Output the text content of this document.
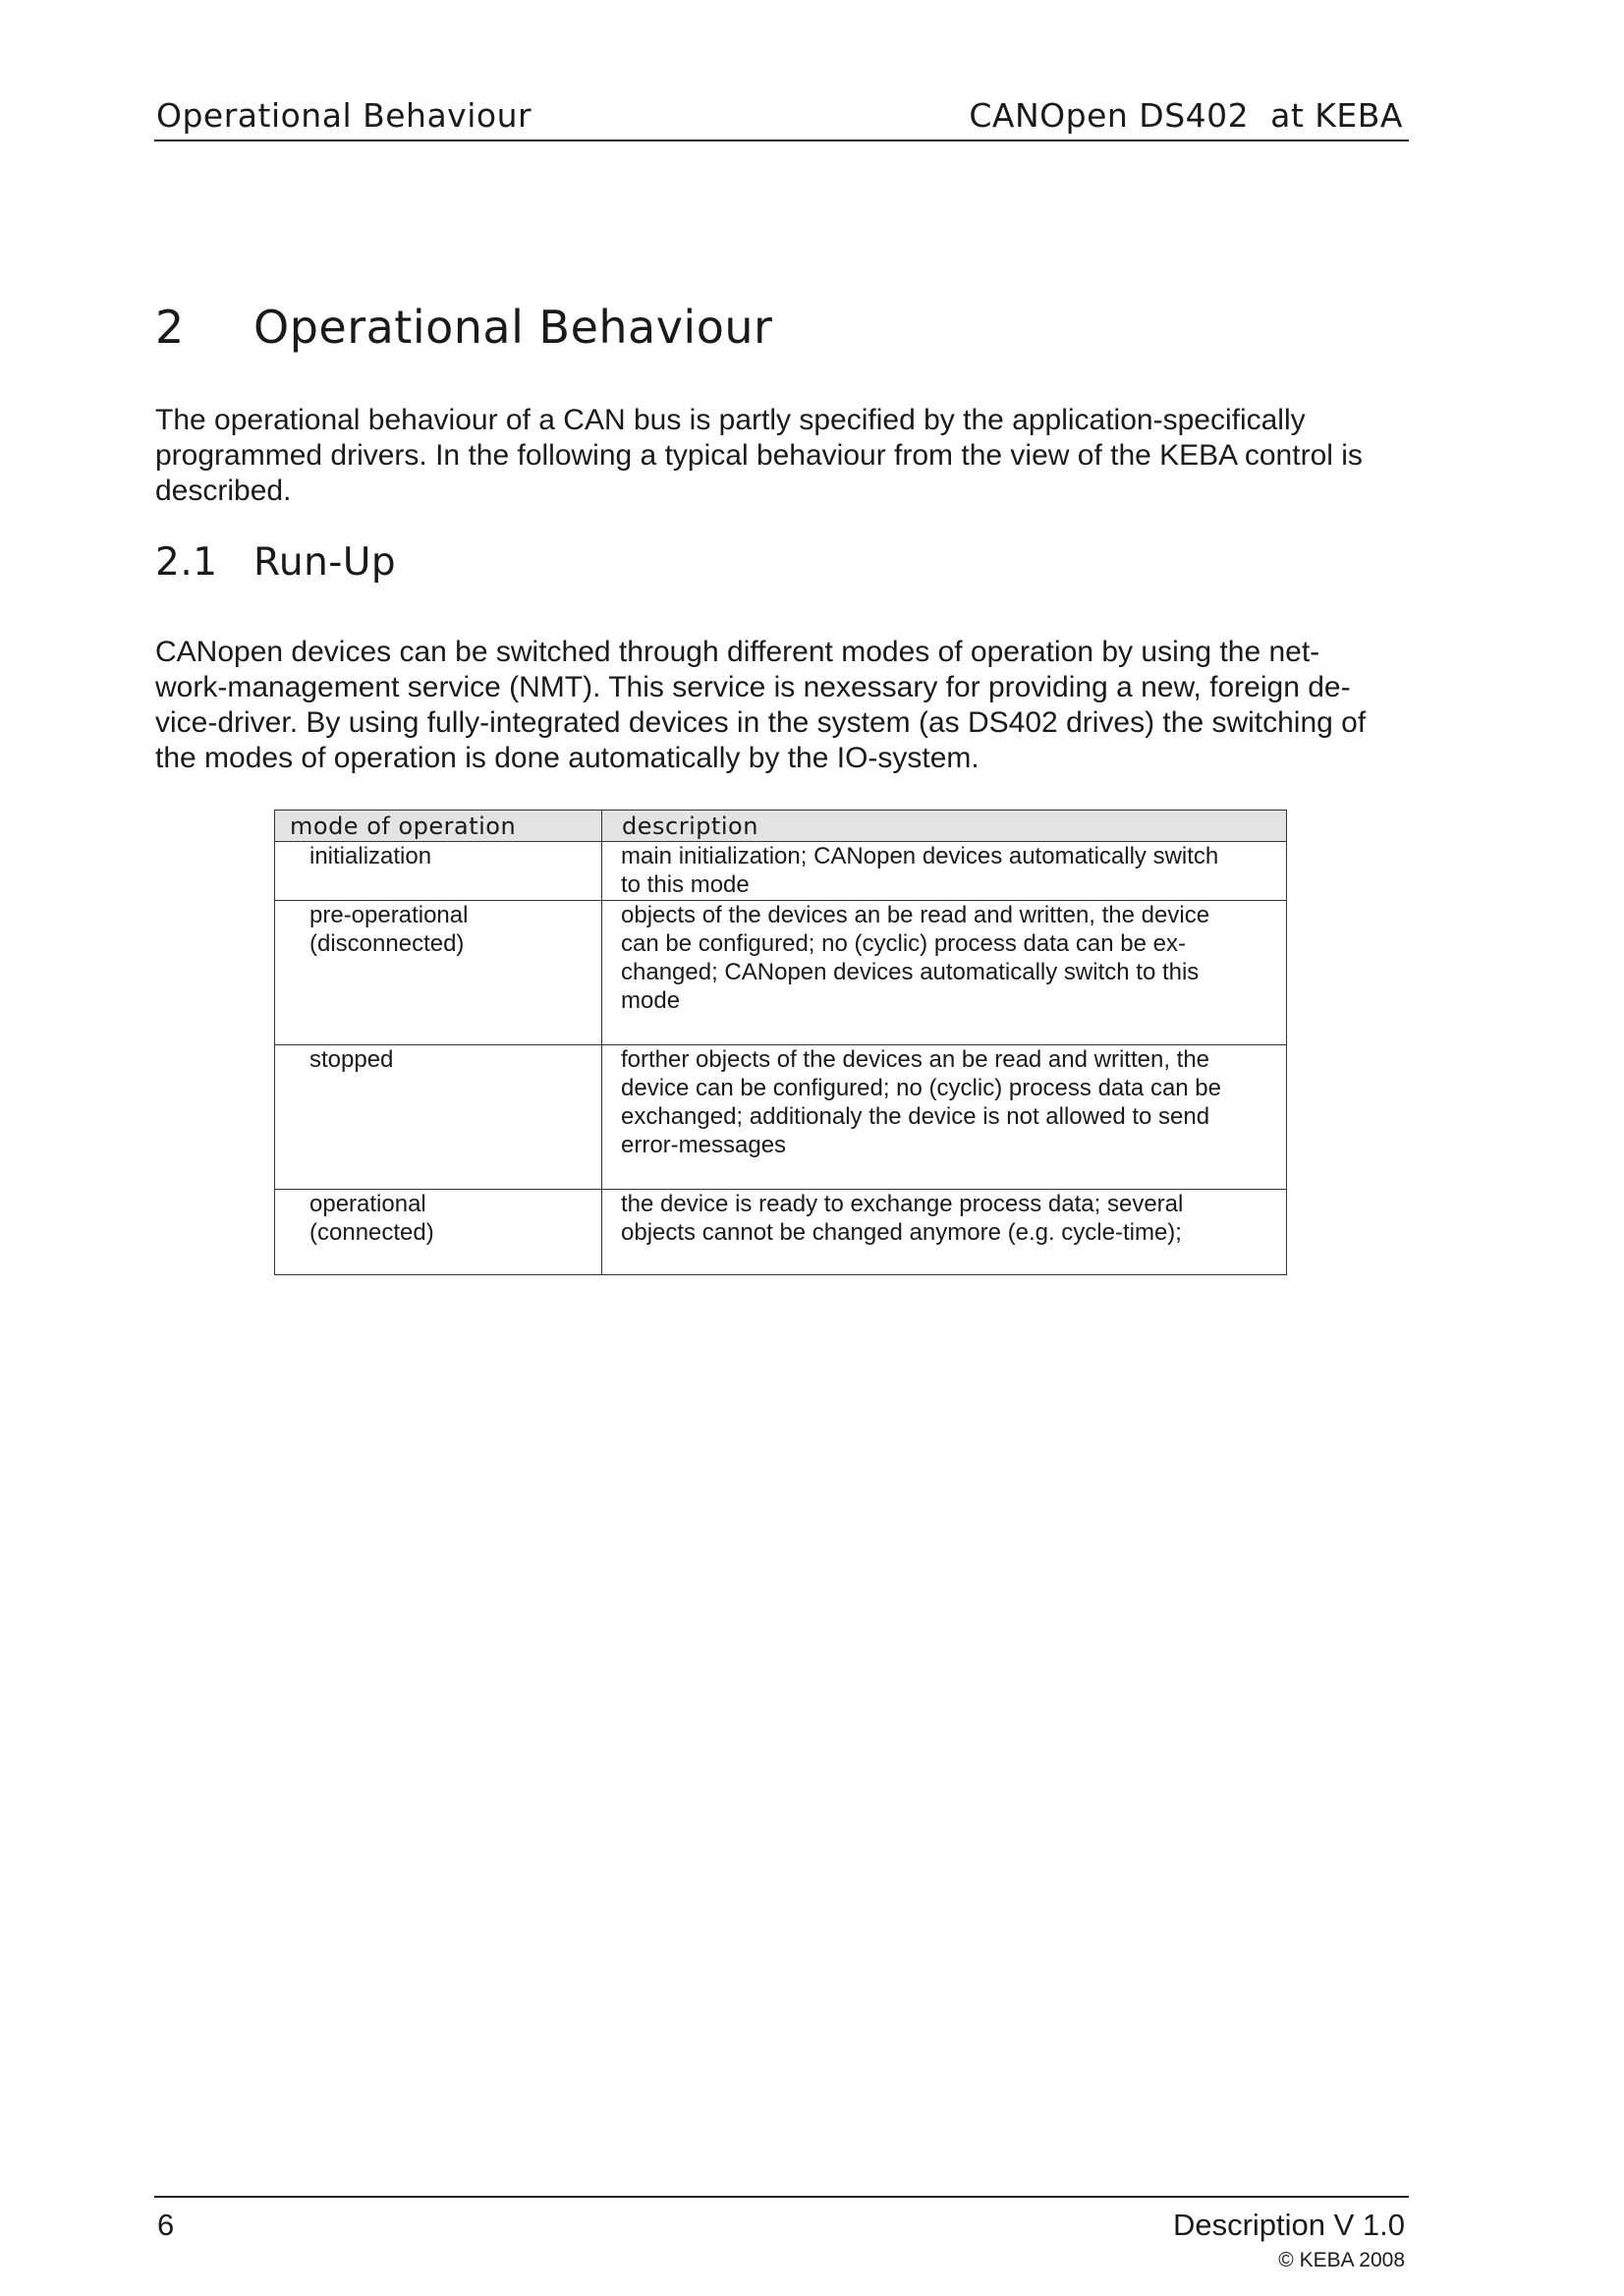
Operational Behaviour	CANOpen DS402  at KEBA
2 Operational Behaviour

The operational behaviour of a CAN bus is partly specified by the application-specifically
programmed drivers. In the following a typical behaviour from the view of the KEBA control is
described.

2.1 Run-Up

CANopen devices can be switched through different modes of operation by using the net-
work-management service (NMT). This service is nexessary for providing a new, foreign de-
vice-driver. By using fully-integrated devices in the system (as DS402 drives) the switching of
the modes of operation is done automatically by the IO-system.

mode of operation	description

initialization	main initialization; CANopen devices automatically switch
to this mode

pre-operational
(disconnected)	objects of the devices an be read and written, the device
can be configured; no (cyclic) process data can be ex-
changed; CANopen devices automatically switch to this
mode

stopped	forther objects of the devices an be read and written, the
device can be configured; no (cyclic) process data can be
exchanged; additionaly the device is not allowed to send
error-messages

operational
(connected)	the device is ready to exchange process data; several
objects cannot be changed anymore (e.g. cycle-time);
6	Description V 1.0
© KEBA 2008
